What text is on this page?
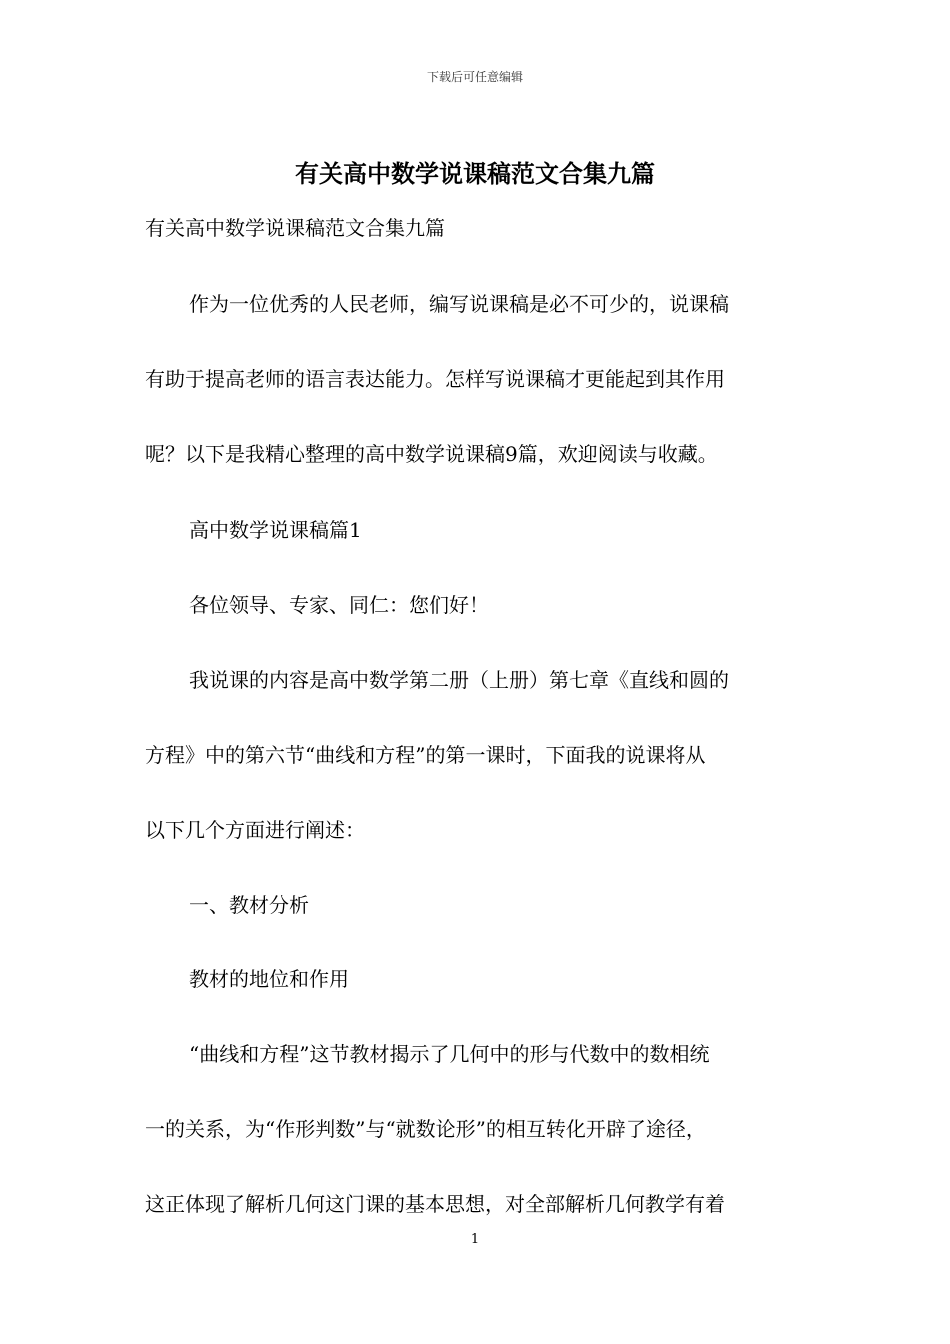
下载后可任意编辑
有关高中数学说课稿范文合集九篇
有关高中数学说课稿范文合集九篇
作为一位优秀的人民老师，编写说课稿是必不可少的，说课稿
有助于提高老师的语言表达能力。怎样写说课稿才更能起到其作用
呢？以下是我精心整理的高中数学说课稿9篇，欢迎阅读与收藏。
高中数学说课稿篇1
各位领导、专家、同仁：您们好！
我说课的内容是高中数学第二册（上册）第七章《直线和圆的
方程》中的第六节“曲线和方程”的第一课时，下面我的说课将从
以下几个方面进行阐述：
一、教材分析
教材的地位和作用
“曲线和方程”这节教材揭示了几何中的形与代数中的数相统
一的关系，为“作形判数”与“就数论形”的相互转化开辟了途径，
这正体现了解析几何这门课的基本思想，对全部解析几何教学有着
1
